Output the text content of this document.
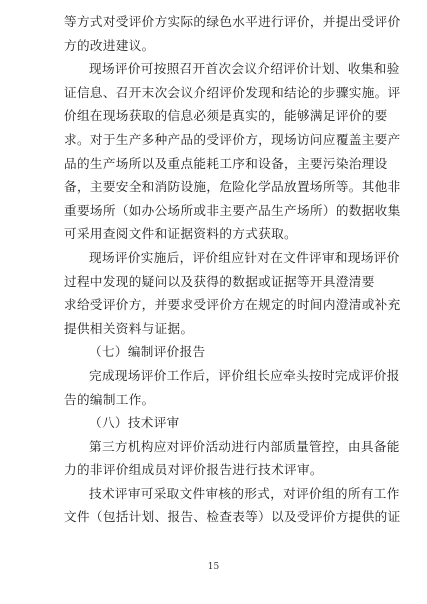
等方式对受评价方实际的绿色水平进行评价，并提出受评价
方的改进建议。
现场评价可按照召开首次会议介绍评价计划、收集和验
证信息、召开末次会议介绍评价发现和结论的步骤实施。评
价组在现场获取的信息必须是真实的，能够满足评价的要
求。对于生产多种产品的受评价方，现场访问应覆盖主要产
品的生产场所以及重点能耗工序和设备，主要污染治理设
备，主要安全和消防设施，危险化学品放置场所等。其他非
重要场所（如办公场所或非主要产品生产场所）的数据收集
可采用查阅文件和证据资料的方式获取。
现场评价实施后，评价组应针对在文件评审和现场评价
过程中发现的疑问以及获得的数据或证据等开具澄清要
求给受评价方，并要求受评价方在规定的时间内澄清或补充
提供相关资料与证据。
（七）编制评价报告
完成现场评价工作后，评价组长应牵头按时完成评价报
告的编制工作。
（八）技术评审
第三方机构应对评价活动进行内部质量管控，由具备能
力的非评价组成员对评价报告进行技术评审。
技术评审可采取文件审核的形式，对评价组的所有工作
文件（包括计划、报告、检查表等）以及受评价方提供的证
15
